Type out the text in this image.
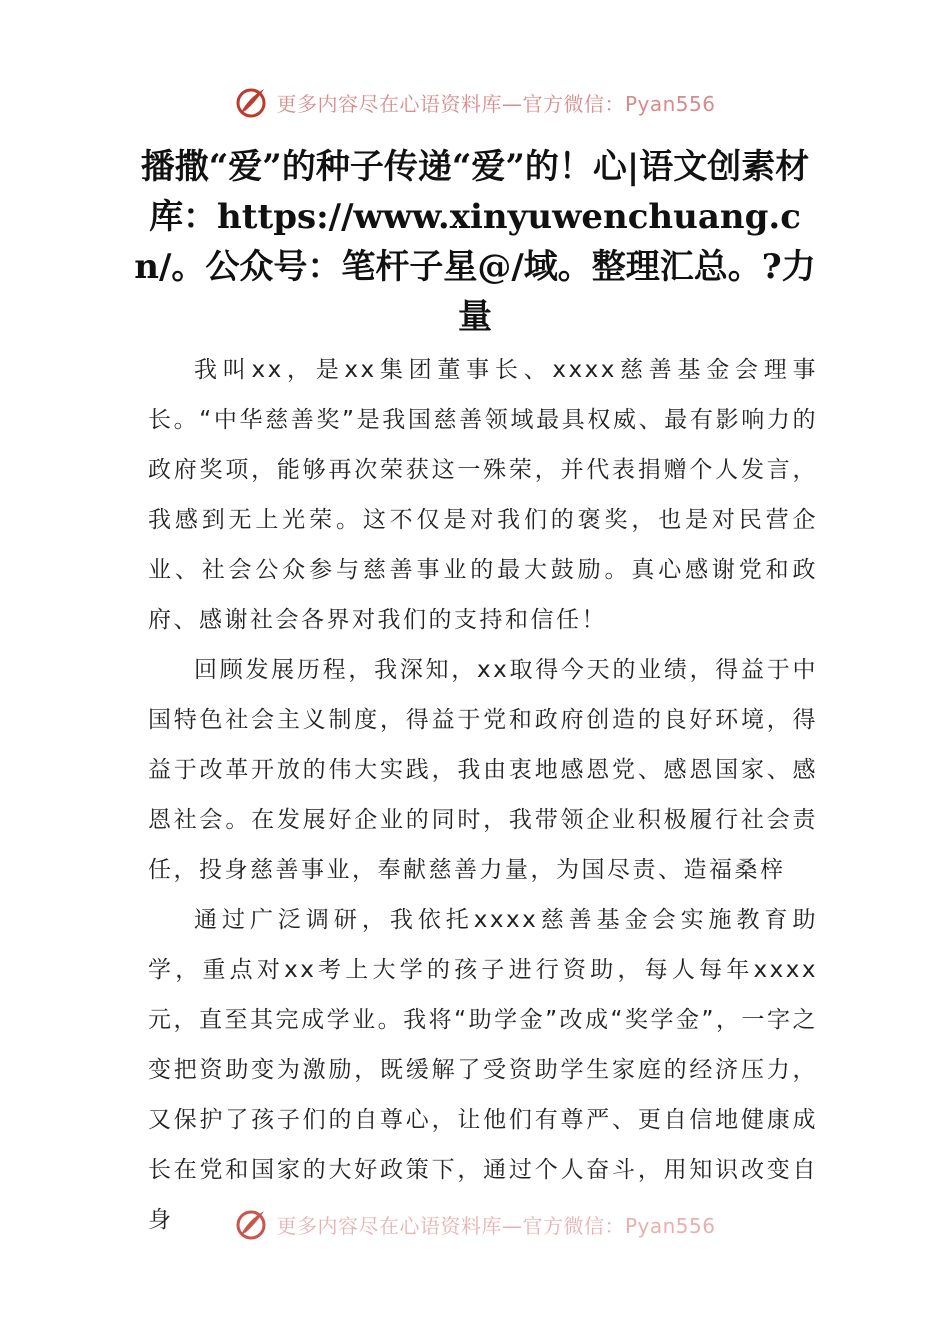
更多内容尽在心语资料库—官方微信：Pyan556
播撒“爱”的种子传递“爱”的！心|语文创素材库：https://www.xinyuwenchuang.cn/。公众号：笔杆子星@/域。整理汇总。?力量

我叫xx，是xx集团董事长、xxxx慈善基金会理事长。“中华慈善奖”是我国慈善领域最具权威、最有影响力的政府奖项，能够再次荣获这一殊荣，并代表捐赠个人发言，我感到无上光荣。这不仅是对我们的褒奖，也是对民营企业、社会公众参与慈善事业的最大鼓励。真心感谢党和政府、感谢社会各界对我们的支持和信任！

回顾发展历程，我深知，xx取得今天的业绩，得益于中国特色社会主义制度，得益于党和政府创造的良好环境，得益于改革开放的伟大实践，我由衷地感恩党、感恩国家、感恩社会。在发展好企业的同时，我带领企业积极履行社会责任，投身慈善事业，奉献慈善力量，为国尽责、造福桑梓

通过广泛调研，我依托xxxx慈善基金会实施教育助学，重点对xx考上大学的孩子进行资助，每人每年xxxx元，直至其完成学业。我将“助学金”改成“奖学金”，一字之变把资助变为激励，既缓解了受资助学生家庭的经济压力，又保护了孩子们的自尊心，让他们有尊严、更自信地健康成长在党和国家的大好政策下，通过个人奋斗，用知识改变自身	更多内容尽在心语资料库—官方微信：Pyan556
